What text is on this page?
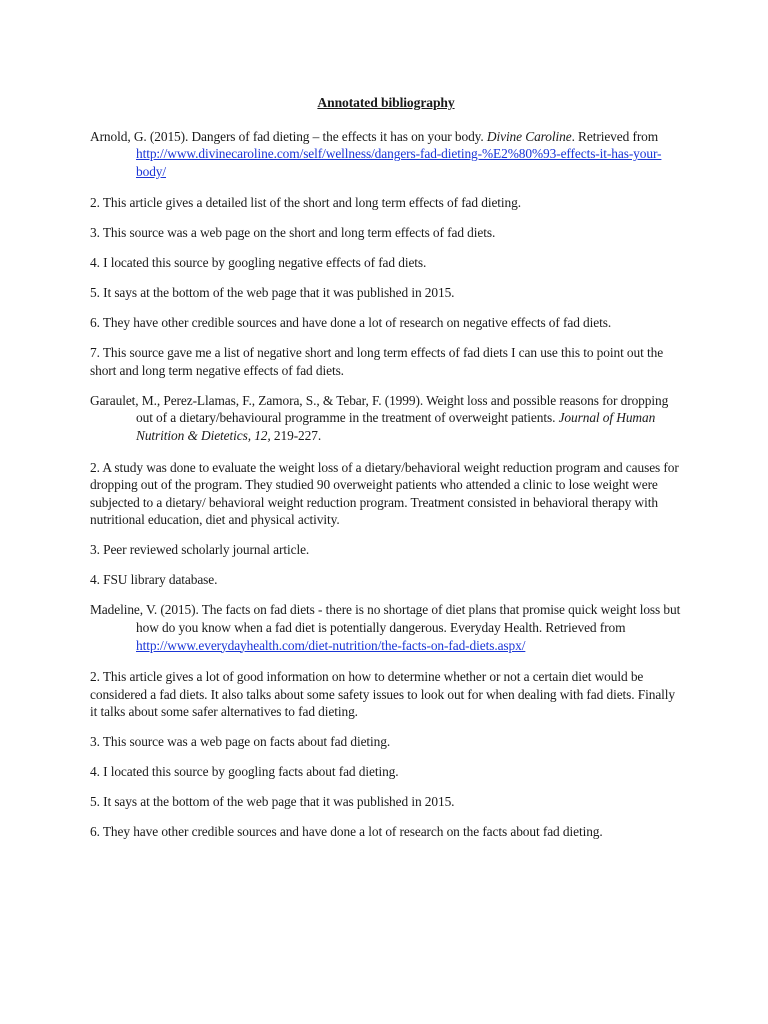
Annotated bibliography

Arnold, G. (2015). Dangers of fad dieting – the effects it has on your body. Divine Caroline. Retrieved from http://www.divinecaroline.com/self/wellness/dangers-fad-dieting-%E2%80%93-effects-it-has-your-body/

2. This article gives a detailed list of the short and long term effects of fad dieting.

3. This source was a web page on the short and long term effects of fad diets.

4. I located this source by googling negative effects of fad diets.

5. It says at the bottom of the web page that it was published in 2015.

6. They have other credible sources and have done a lot of research on negative effects of fad diets.

7. This source gave me a list of negative short and long term effects of fad diets I can use this to point out the short and long term negative effects of fad diets.

Garaulet, M., Perez-Llamas, F., Zamora, S., & Tebar, F. (1999). Weight loss and possible reasons for dropping out of a dietary/behavioural programme in the treatment of overweight patients. Journal of Human Nutrition & Dietetics, 12, 219-227.

2. A study was done to evaluate the weight loss of a dietary/behavioral weight reduction program and causes for dropping out of the program. They studied 90 overweight patients who attended a clinic to lose weight were subjected to a dietary/ behavioral weight reduction program. Treatment consisted in behavioral therapy with nutritional education, diet and physical activity.

3. Peer reviewed scholarly journal article.

4. FSU library database.

Madeline, V. (2015). The facts on fad diets - there is no shortage of diet plans that promise quick weight loss but how do you know when a fad diet is potentially dangerous. Everyday Health. Retrieved from http://www.everydayhealth.com/diet-nutrition/the-facts-on-fad-diets.aspx/

2. This article gives a lot of good information on how to determine whether or not a certain diet would be considered a fad diets. It also talks about some safety issues to look out for when dealing with fad diets. Finally it talks about some safer alternatives to fad dieting.

3. This source was a web page on facts about fad dieting.

4. I located this source by googling facts about fad dieting.

5. It says at the bottom of the web page that it was published in 2015.

6. They have other credible sources and have done a lot of research on the facts about fad dieting.
